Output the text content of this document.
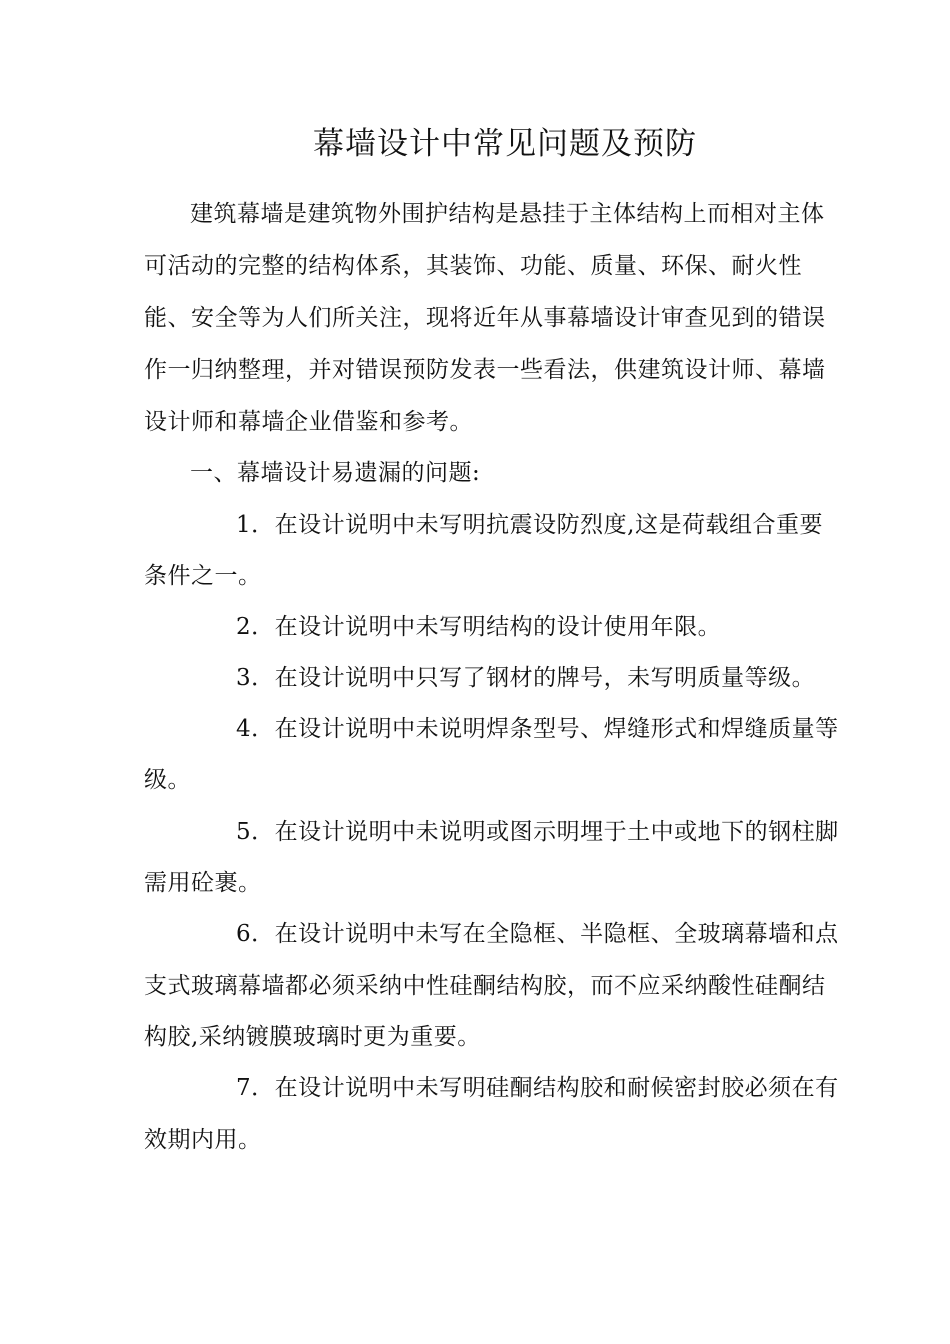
幕墙设计中常见问题及预防
建筑幕墙是建筑物外围护结构是悬挂于主体结构上而相对主体
可活动的完整的结构体系，其装饰、功能、质量、环保、耐火性
能、安全等为人们所关注，现将近年从事幕墙设计审查见到的错误
作一归纳整理，并对错误预防发表一些看法，供建筑设计师、幕墙
设计师和幕墙企业借鉴和参考。
一、幕墙设计易遗漏的问题:
1．在设计说明中未写明抗震设防烈度,这是荷载组合重要
条件之一。
2．在设计说明中未写明结构的设计使用年限。
3．在设计说明中只写了钢材的牌号，未写明质量等级。
4．在设计说明中未说明焊条型号、焊缝形式和焊缝质量等
级。
5．在设计说明中未说明或图示明埋于土中或地下的钢柱脚
需用砼裹。
6．在设计说明中未写在全隐框、半隐框、全玻璃幕墙和点
支式玻璃幕墙都必须采纳中性硅酮结构胶，而不应采纳酸性硅酮结
构胶,采纳镀膜玻璃时更为重要。
7．在设计说明中未写明硅酮结构胶和耐候密封胶必须在有
效期内用。
